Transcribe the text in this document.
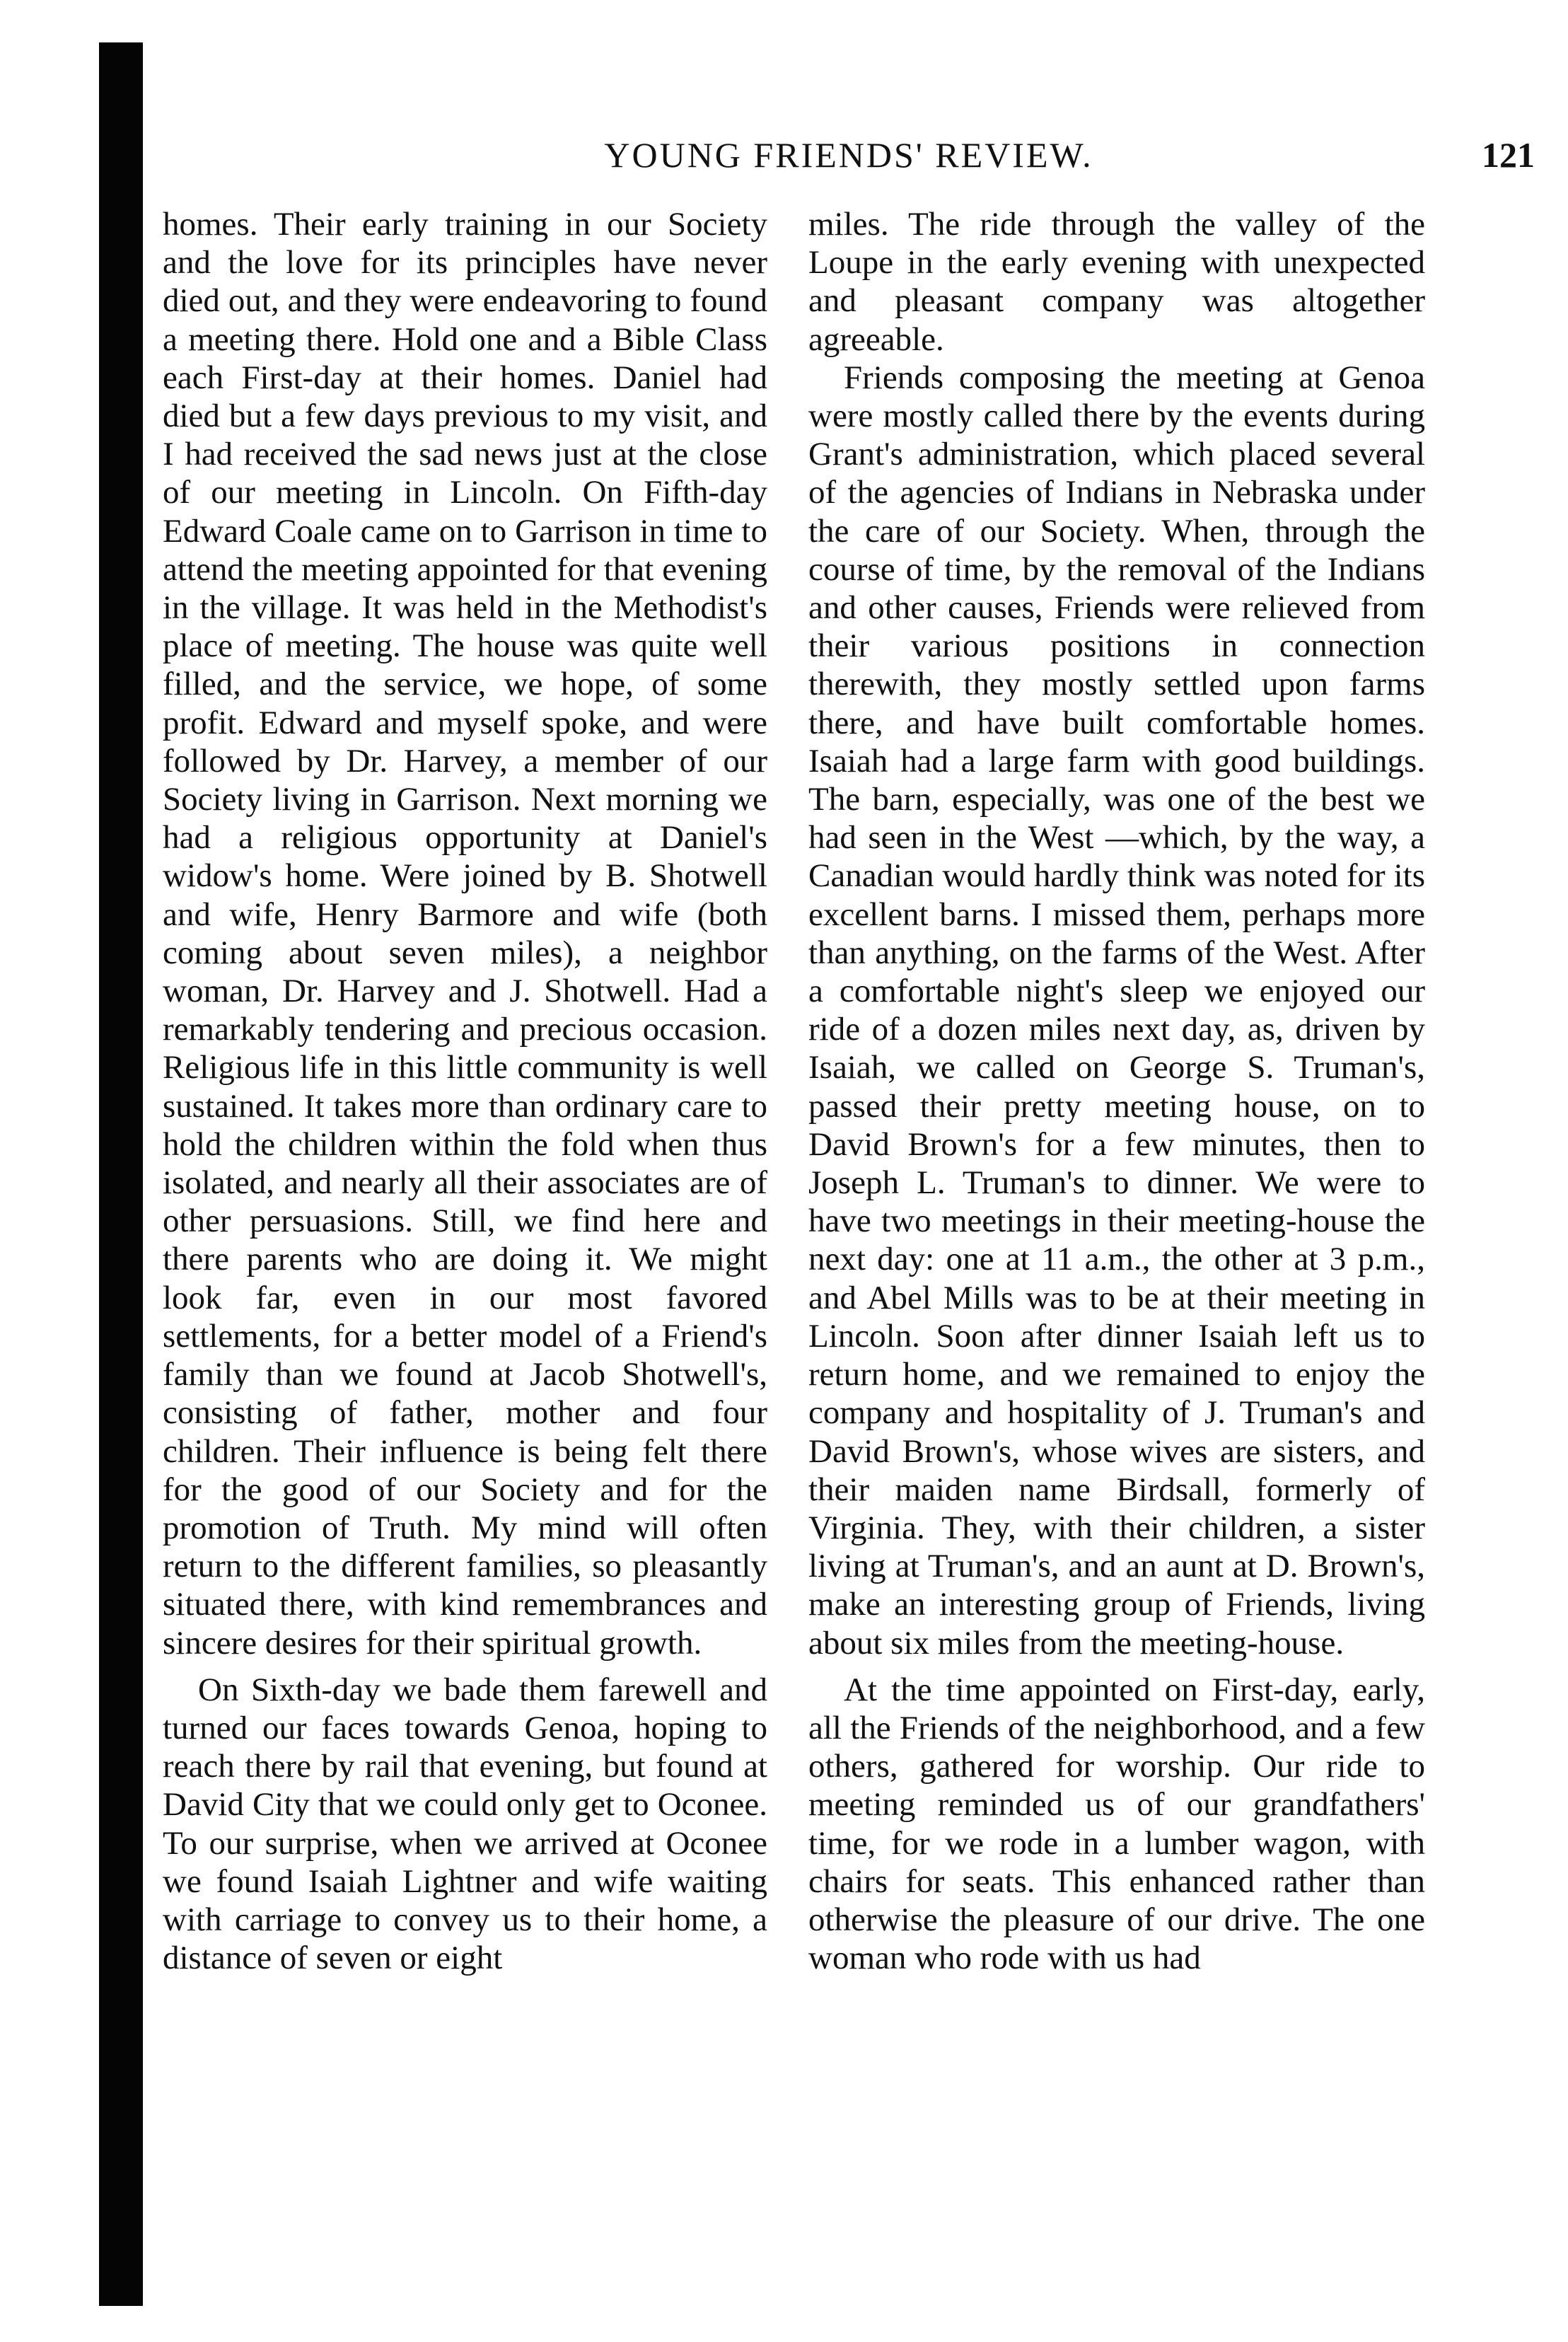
YOUNG FRIENDS' REVIEW.	121

homes. Their early training in our Society and the love for its principles have never died out, and they were endeavoring to found a meeting there. Hold one and a Bible Class each First-day at their homes. Daniel had died but a few days previous to my visit, and I had received the sad news just at the close of our meeting in Lincoln. On Fifth-day Edward Coale came on to Garrison in time to attend the meeting appointed for that evening in the village. It was held in the Methodist's place of meeting. The house was quite well filled, and the service, we hope, of some profit. Edward and myself spoke, and were followed by Dr. Harvey, a member of our Society living in Garrison. Next morning we had a religious opportunity at Daniel's widow's home. Were joined by B. Shotwell and wife, Henry Barmore and wife (both coming about seven miles), a neighbor woman, Dr. Harvey and J. Shotwell. Had a remarkably tendering and precious occasion. Religious life in this little community is well sustained. It takes more than ordinary care to hold the children within the fold when thus isolated, and nearly all their associates are of other persuasions. Still, we find here and there parents who are doing it. We might look far, even in our most favored settlements, for a better model of a Friend's family than we found at Jacob Shotwell's, consisting of father, mother and four children. Their influence is being felt there for the good of our Society and for the promotion of Truth. My mind will often return to the different families, so pleasantly situated there, with kind remembrances and sincere desires for their spiritual growth.

On Sixth-day we bade them farewell and turned our faces towards Genoa, hoping to reach there by rail that evening, but found at David City that we could only get to Oconee. To our surprise, when we arrived at Oconee we found Isaiah Lightner and wife waiting with carriage to convey us to their home, a distance of seven or eight

miles. The ride through the valley of the Loupe in the early evening with unexpected and pleasant company was altogether agreeable.

Friends composing the meeting at Genoa were mostly called there by the events during Grant's administration, which placed several of the agencies of Indians in Nebraska under the care of our Society. When, through the course of time, by the removal of the Indians and other causes, Friends were relieved from their various positions in connection therewith, they mostly settled upon farms there, and have built comfortable homes. Isaiah had a large farm with good buildings. The barn, especially, was one of the best we had seen in the West —which, by the way, a Canadian would hardly think was noted for its excellent barns. I missed them, perhaps more than anything, on the farms of the West. After a comfortable night's sleep we enjoyed our ride of a dozen miles next day, as, driven by Isaiah, we called on George S. Truman's, passed their pretty meeting house, on to David Brown's for a few minutes, then to Joseph L. Truman's to dinner. We were to have two meetings in their meeting-house the next day: one at 11 a.m., the other at 3 p.m., and Abel Mills was to be at their meeting in Lincoln. Soon after dinner Isaiah left us to return home, and we remained to enjoy the company and hospitality of J. Truman's and David Brown's, whose wives are sisters, and their maiden name Birdsall, formerly of Virginia. They, with their children, a sister living at Truman's, and an aunt at D. Brown's, make an interesting group of Friends, living about six miles from the meeting-house.

At the time appointed on First-day, early, all the Friends of the neighborhood, and a few others, gathered for worship. Our ride to meeting reminded us of our grandfathers' time, for we rode in a lumber wagon, with chairs for seats. This enhanced rather than otherwise the pleasure of our drive. The one woman who rode with us had
